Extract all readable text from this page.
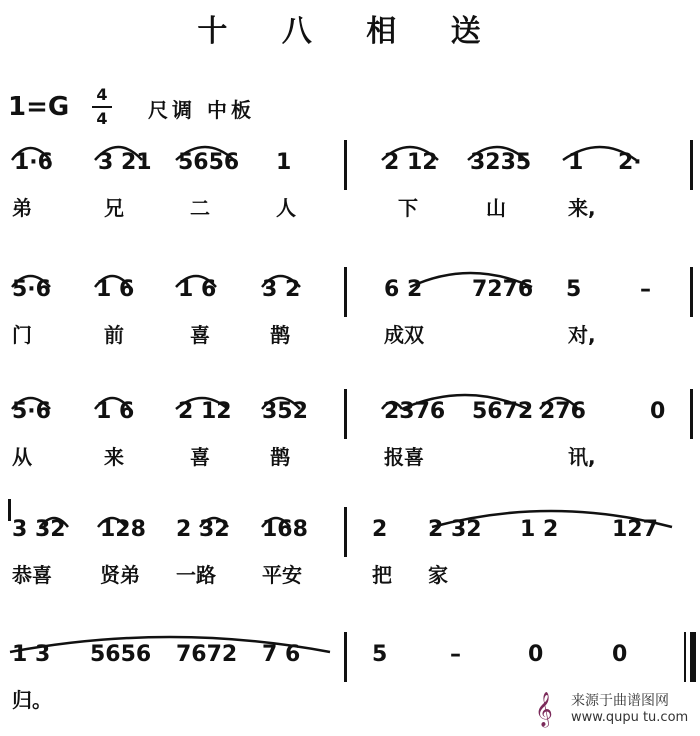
十 八 相 送
1=G 4
4 尺调 中板
1·6 3 21 5656 1	2 12 3235 1 2·
弟	兄	二	人	下	山	来,
5·6 1 6 1 6 3 2	6 2 7276 5	–
门	前	喜	鹊	成双	对,
5·6 1 6 2 12 352	2376 5672 276	0
从	来	喜	鹊	报喜	讯,
3 32 128 2 32 168	2 2 32 1 2 127
恭喜 贤弟 一路 平安	把 家
1 3 5656 7672 7 6	5	–	0	0
归。	𝄞 来源于曲谱图网
www.qupu tu.com
